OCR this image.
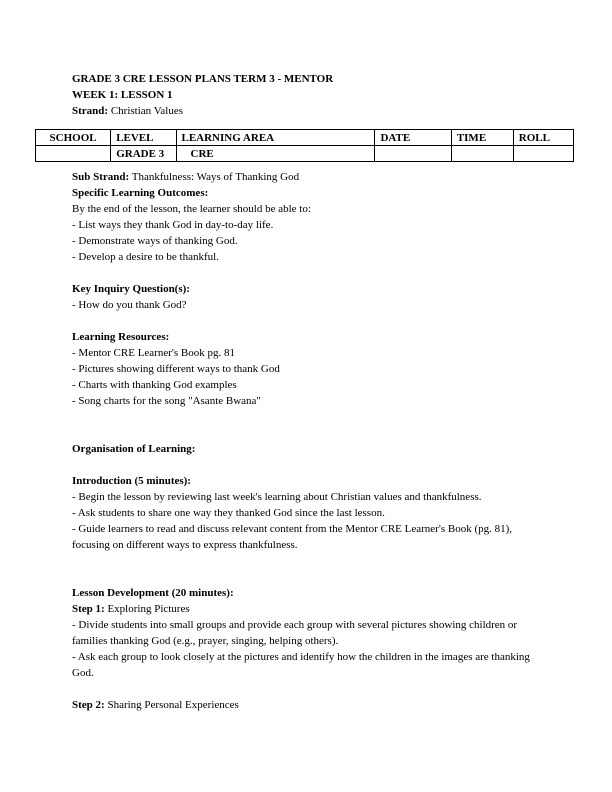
GRADE 3 CRE LESSON PLANS TERM 3 - MENTOR
WEEK 1: LESSON 1
Strand: Christian Values
SCHOOL	LEVEL	LEARNING AREA	DATE	TIME	ROLL
	GRADE 3	CRE			

Sub Strand: Thankfulness: Ways of Thanking God

Specific Learning Outcomes:

By the end of the lesson, the learner should be able to:

- List ways they thank God in day-to-day life.

- Demonstrate ways of thanking God.

- Develop a desire to be thankful.

Key Inquiry Question(s):

- How do you thank God?

Learning Resources:

- Mentor CRE Learner's Book pg. 81

- Pictures showing different ways to thank God

- Charts with thanking God examples

- Song charts for the song "Asante Bwana"

Organisation of Learning:

Introduction (5 minutes):

- Begin the lesson by reviewing last week's learning about Christian values and thankfulness.

- Ask students to share one way they thanked God since the last lesson.

- Guide learners to read and discuss relevant content from the Mentor CRE Learner's Book (pg. 81), focusing on different ways to express thankfulness.

Lesson Development (20 minutes):

Step 1: Exploring Pictures

- Divide students into small groups and provide each group with several pictures showing children or families thanking God (e.g., prayer, singing, helping others).

- Ask each group to look closely at the pictures and identify how the children in the images are thanking God.

Step 2: Sharing Personal Experiences
